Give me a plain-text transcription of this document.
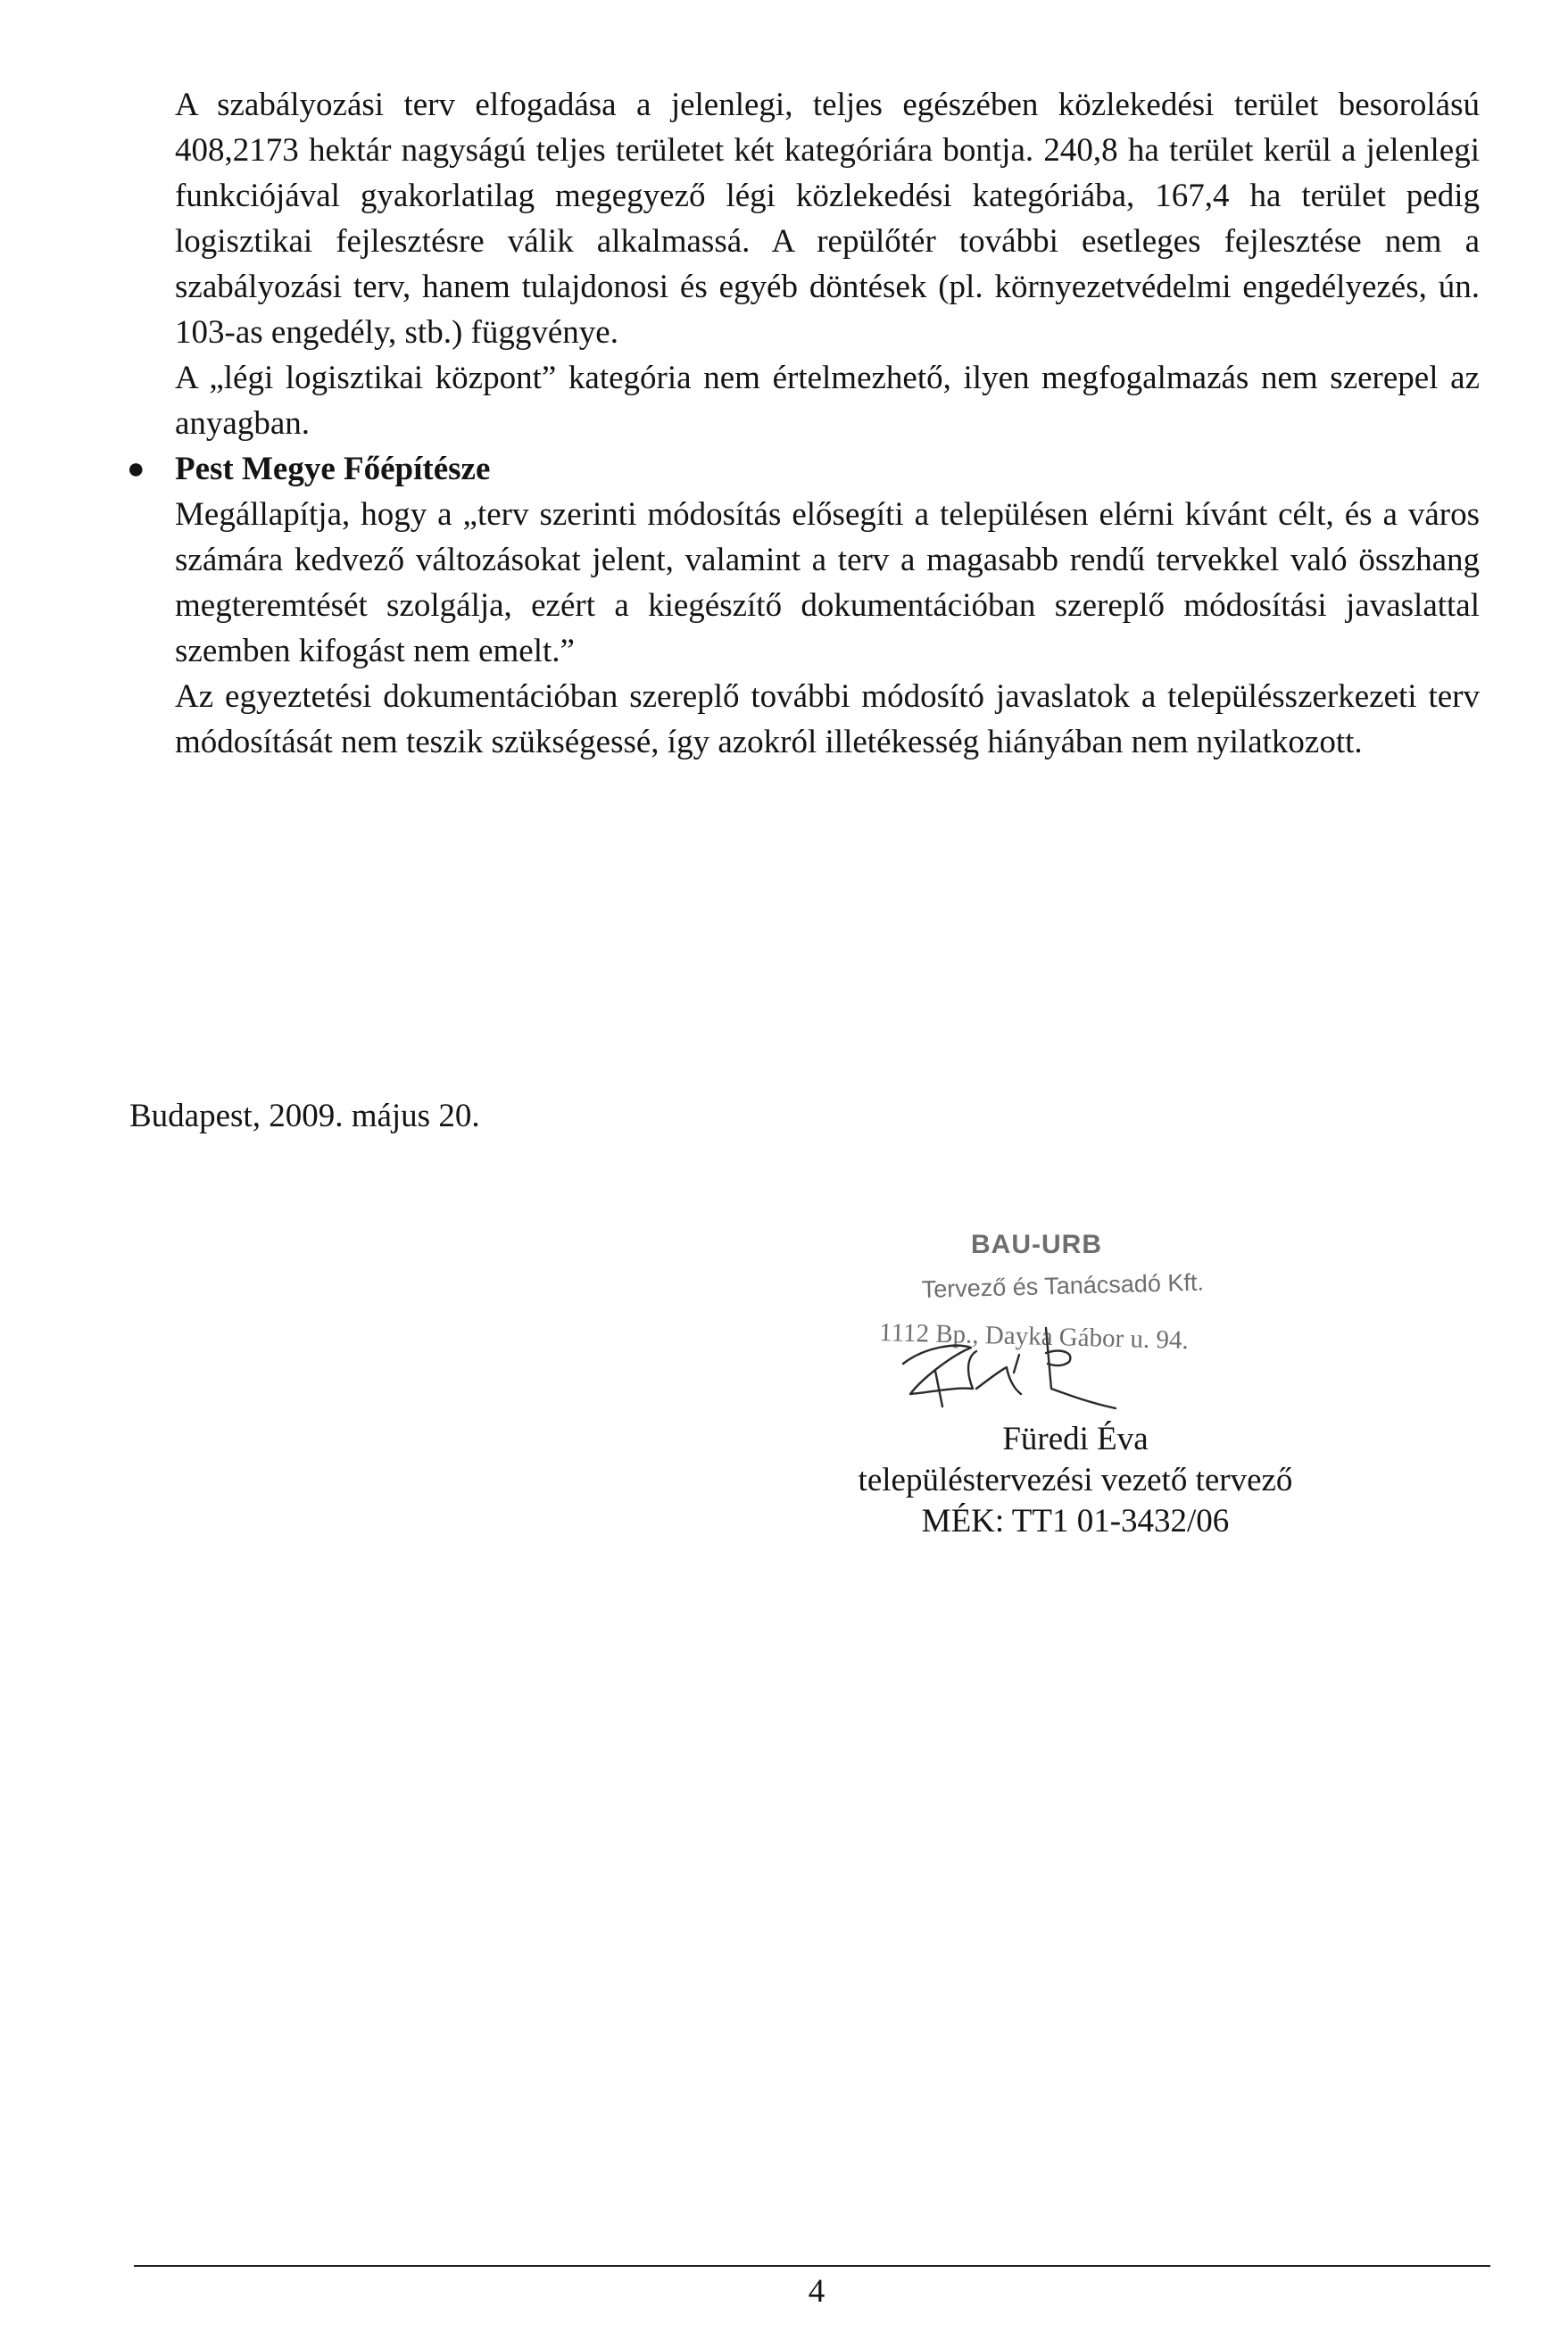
A szabályozási terv elfogadása a jelenlegi, teljes egészében közlekedési terület besorolású 408,2173 hektár nagyságú teljes területet két kategóriára bontja. 240,8 ha terület kerül a jelenlegi funkciójával gyakorlatilag megegyező légi közlekedési kategóriába, 167,4 ha terület pedig logisztikai fejlesztésre válik alkalmassá. A repülőtér további esetleges fejlesztése nem a szabályozási terv, hanem tulajdonosi és egyéb döntések (pl. környezetvédelmi engedélyezés, ún. 103-as engedély, stb.) függvénye.

A „légi logisztikai központ” kategória nem értelmezhető, ilyen megfogalmazás nem szerepel az anyagban.

● Pest Megye Főépítésze

Megállapítja, hogy a „terv szerinti módosítás elősegíti a településen elérni kívánt célt, és a város számára kedvező változásokat jelent, valamint a terv a magasabb rendű tervekkel való összhang megteremtését szolgálja, ezért a kiegészítő dokumentációban szereplő módosítási javaslattal szemben kifogást nem emelt.”

Az egyeztetési dokumentációban szereplő további módosító javaslatok a településszerkezeti terv módosítását nem teszik szükségessé, így azokról illetékesség hiányában nem nyilatkozott.

Budapest, 2009. május 20.

BAU-URB
Tervező és Tanácsadó Kft.
1112 Bp., Dayka Gábor u. 94.

Füredi Éva

településtervezési vezető tervező

MÉK: TT1 01-3432/06

4
